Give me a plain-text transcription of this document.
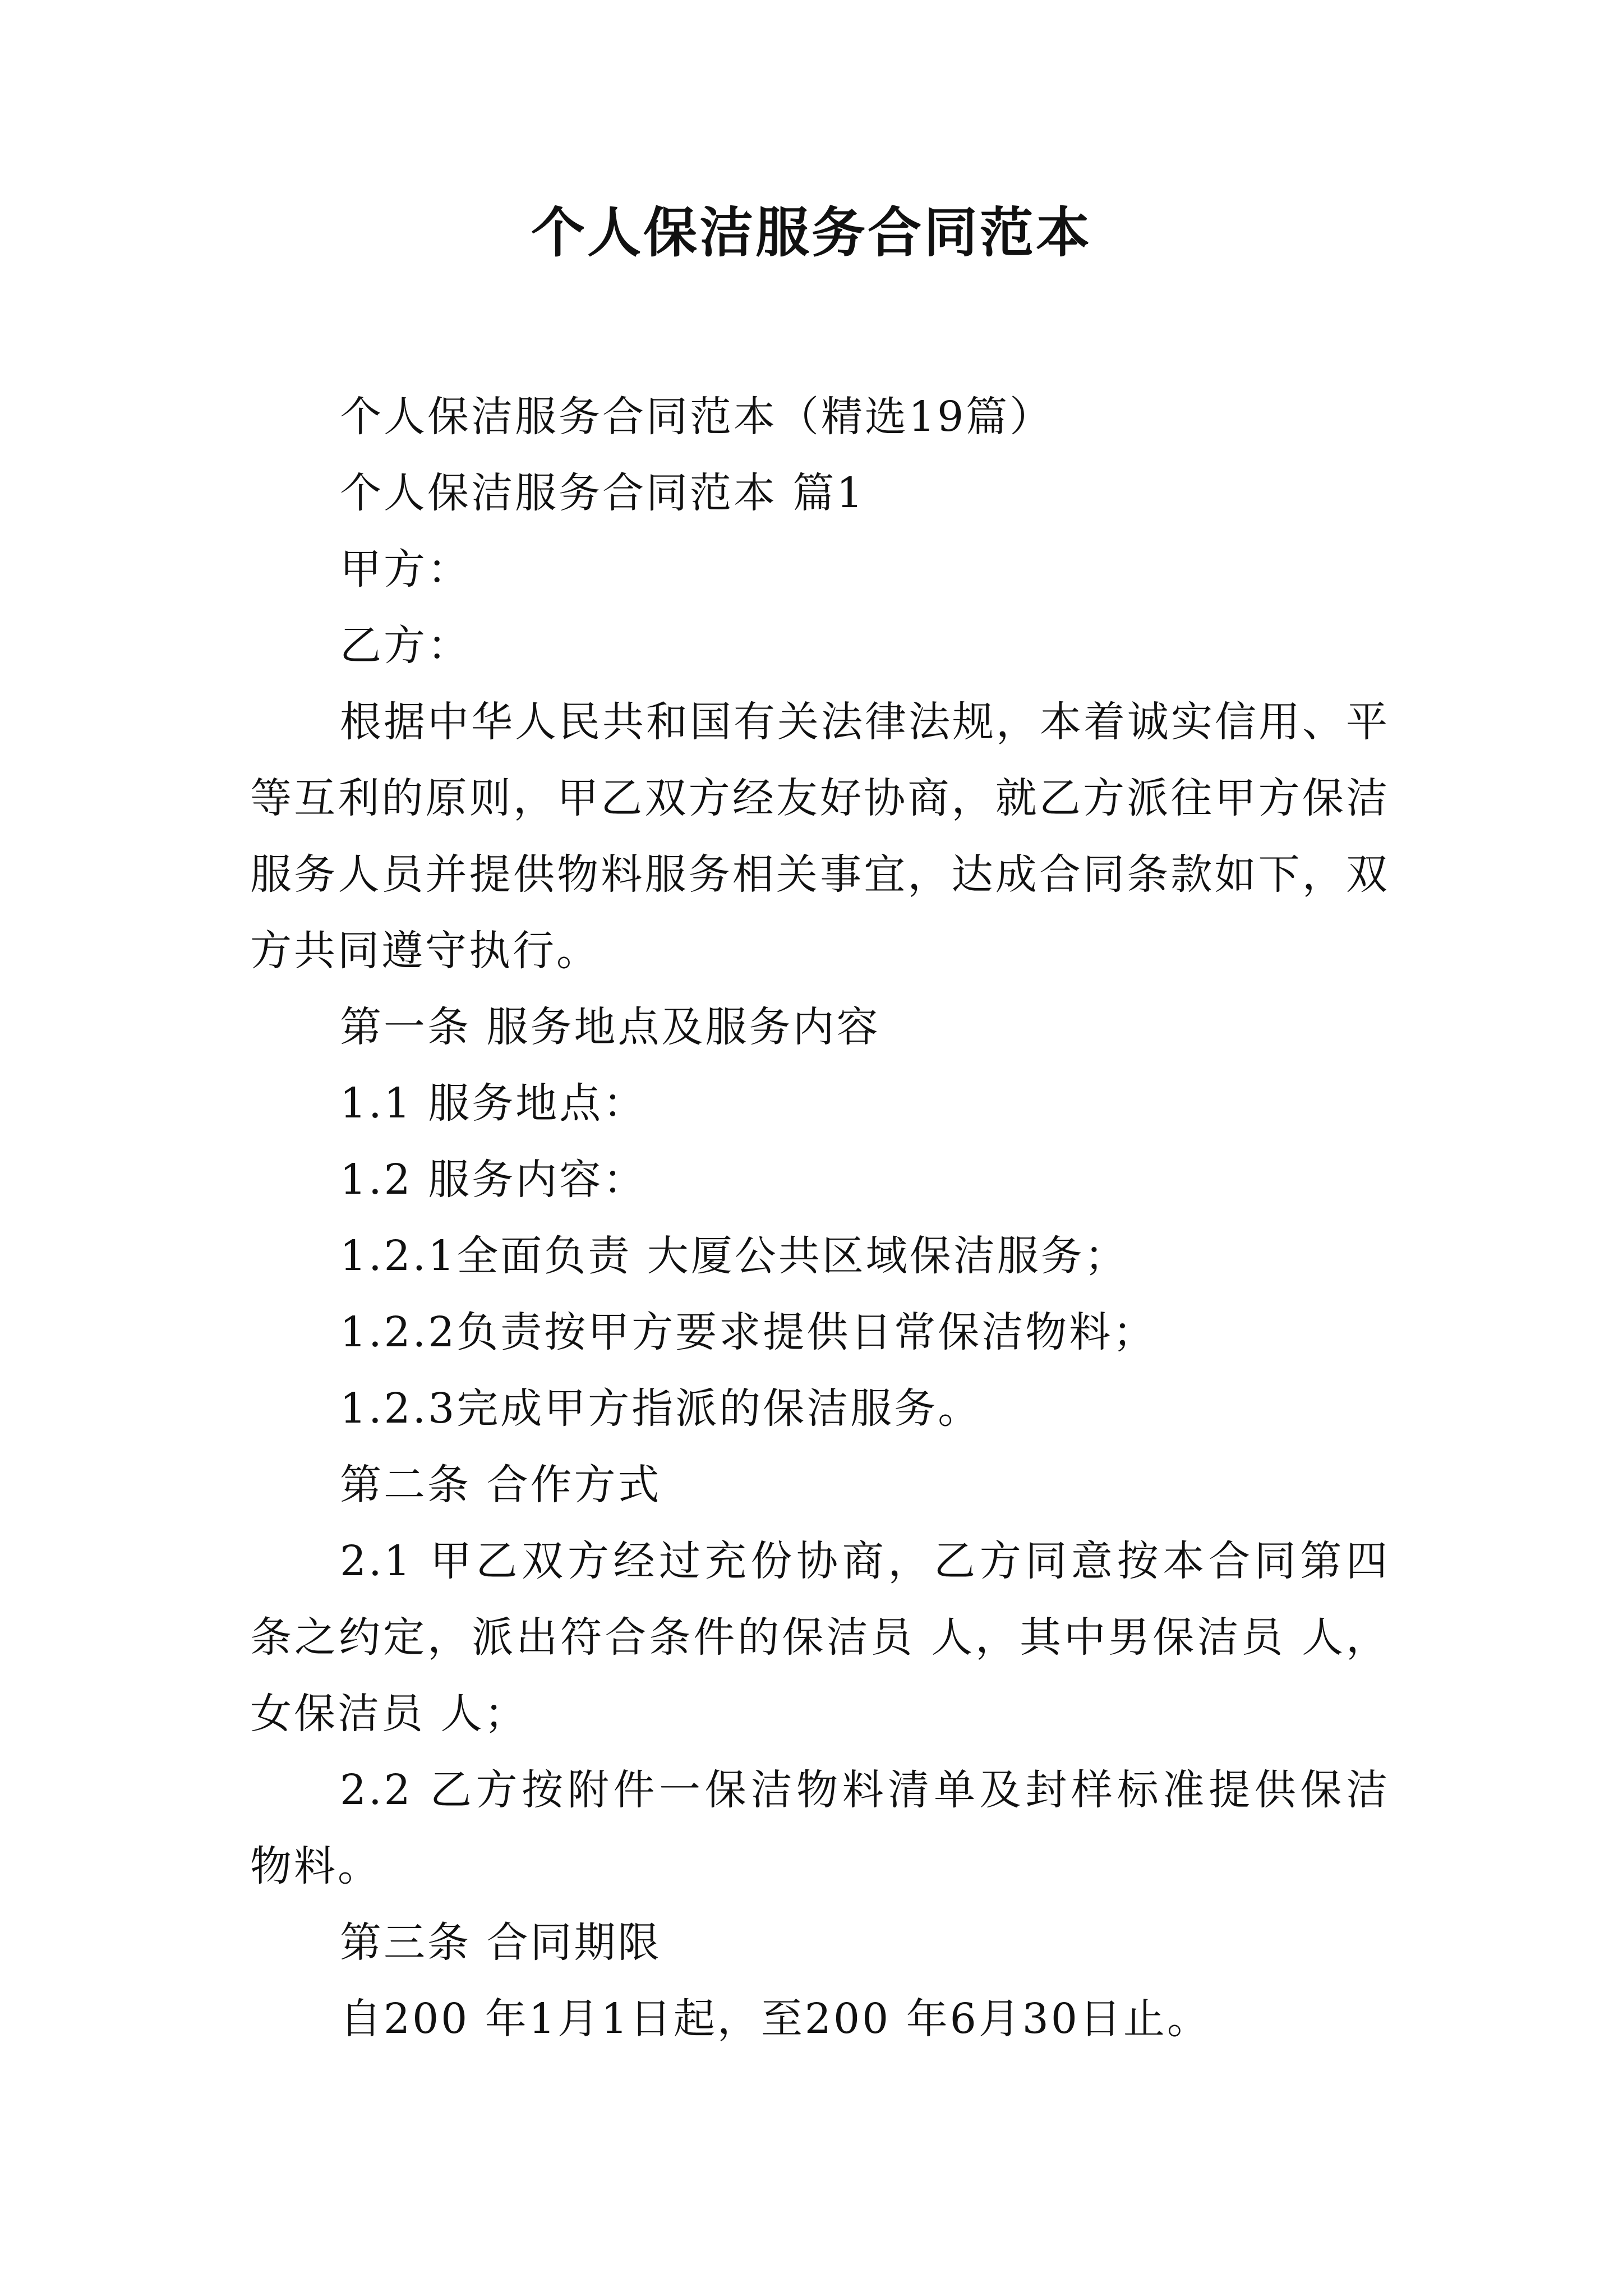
个人保洁服务合同范本

个人保洁服务合同范本（精选19篇）

个人保洁服务合同范本 篇1

甲方：

乙方：

根据中华人民共和国有关法律法规，本着诚实信用、平等互利的原则，甲乙双方经友好协商，就乙方派往甲方保洁服务人员并提供物料服务相关事宜，达成合同条款如下，双方共同遵守执行。

第一条 服务地点及服务内容

1.1 服务地点：

1.2 服务内容：

1.2.1全面负责 大厦公共区域保洁服务；

1.2.2负责按甲方要求提供日常保洁物料；

1.2.3完成甲方指派的保洁服务。

第二条 合作方式

2.1 甲乙双方经过充份协商，乙方同意按本合同第四条之约定，派出符合条件的保洁员 人，其中男保洁员 人，女保洁员 人；

2.2 乙方按附件一保洁物料清单及封样标准提供保洁物料。

第三条 合同期限

自200 年1月1日起，至200 年6月30日止。
